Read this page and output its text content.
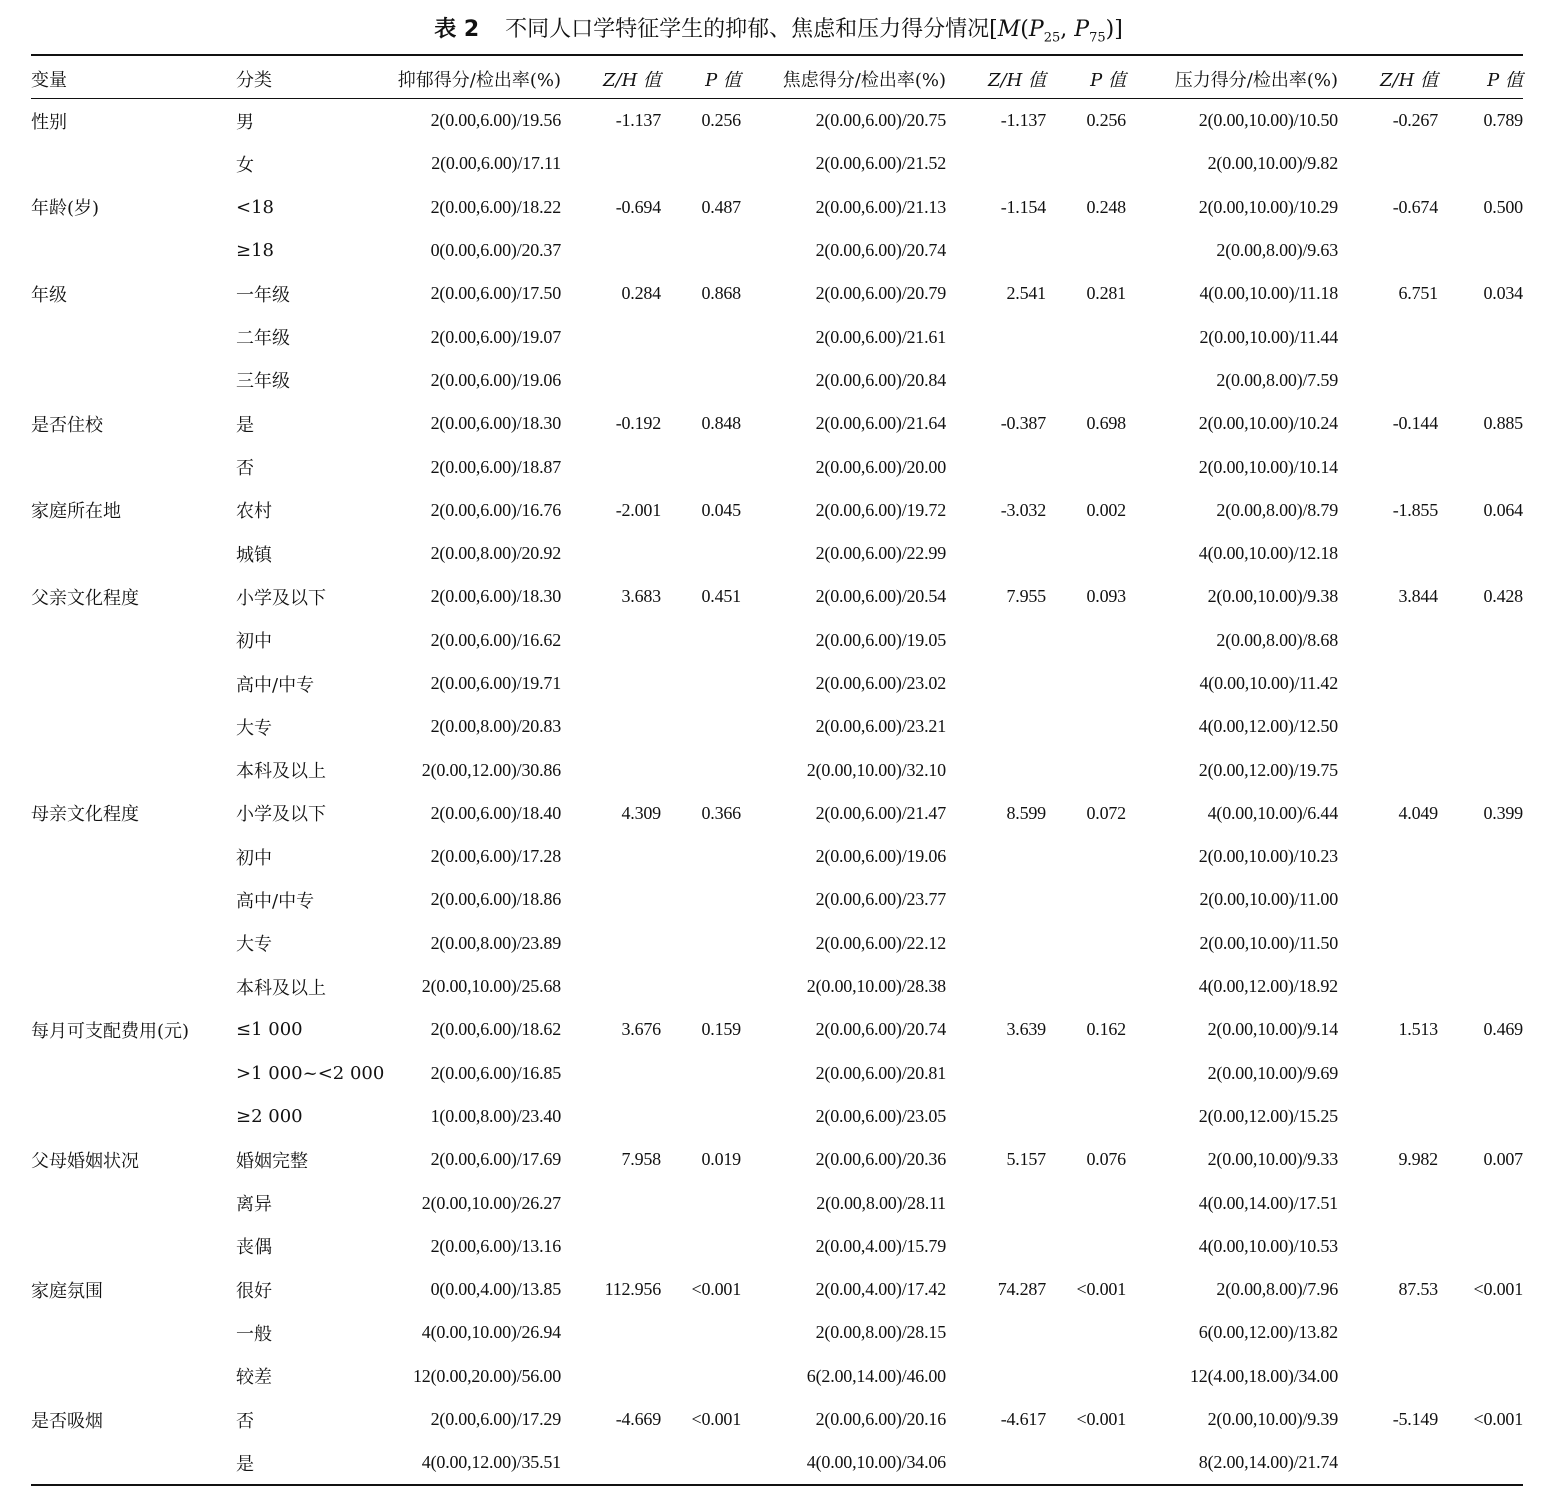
表 2 不同人口学特征学生的抑郁、焦虑和压力得分情况[$M(P_{25}$, $P_{75}$)]
变量	分类	抑郁得分/检出率(%)	Z/H 值	P 值	焦虑得分/检出率(%)	Z/H 值	P 值	压力得分/检出率(%)	Z/H 值	P 值
性别	男	2(0.00,6.00)/19.56	-1.137	0.256	2(0.00,6.00)/20.75	-1.137	0.256	2(0.00,10.00)/10.50	-0.267	0.789
女	2(0.00,6.00)/17.11	2(0.00,6.00)/21.52	2(0.00,10.00)/9.82
年龄(岁)	<18	2(0.00,6.00)/18.22	-0.694	0.487	2(0.00,6.00)/21.13	-1.154	0.248	2(0.00,10.00)/10.29	-0.674	0.500
≥18	0(0.00,6.00)/20.37	2(0.00,6.00)/20.74	2(0.00,8.00)/9.63
年级	一年级	2(0.00,6.00)/17.50	0.284	0.868	2(0.00,6.00)/20.79	2.541	0.281	4(0.00,10.00)/11.18	6.751	0.034
二年级	2(0.00,6.00)/19.07	2(0.00,6.00)/21.61	2(0.00,10.00)/11.44
三年级	2(0.00,6.00)/19.06	2(0.00,6.00)/20.84	2(0.00,8.00)/7.59
是否住校	是	2(0.00,6.00)/18.30	-0.192	0.848	2(0.00,6.00)/21.64	-0.387	0.698	2(0.00,10.00)/10.24	-0.144	0.885
否	2(0.00,6.00)/18.87	2(0.00,6.00)/20.00	2(0.00,10.00)/10.14
家庭所在地	农村	2(0.00,6.00)/16.76	-2.001	0.045	2(0.00,6.00)/19.72	-3.032	0.002	2(0.00,8.00)/8.79	-1.855	0.064
城镇	2(0.00,8.00)/20.92	2(0.00,6.00)/22.99	4(0.00,10.00)/12.18
父亲文化程度	小学及以下	2(0.00,6.00)/18.30	3.683	0.451	2(0.00,6.00)/20.54	7.955	0.093	2(0.00,10.00)/9.38	3.844	0.428
初中	2(0.00,6.00)/16.62	2(0.00,6.00)/19.05	2(0.00,8.00)/8.68
高中/中专	2(0.00,6.00)/19.71	2(0.00,6.00)/23.02	4(0.00,10.00)/11.42
大专	2(0.00,8.00)/20.83	2(0.00,6.00)/23.21	4(0.00,12.00)/12.50
本科及以上	2(0.00,12.00)/30.86	2(0.00,10.00)/32.10	2(0.00,12.00)/19.75
母亲文化程度	小学及以下	2(0.00,6.00)/18.40	4.309	0.366	2(0.00,6.00)/21.47	8.599	0.072	4(0.00,10.00)/6.44	4.049	0.399
初中	2(0.00,6.00)/17.28	2(0.00,6.00)/19.06	2(0.00,10.00)/10.23
高中/中专	2(0.00,6.00)/18.86	2(0.00,6.00)/23.77	2(0.00,10.00)/11.00
大专	2(0.00,8.00)/23.89	2(0.00,6.00)/22.12	2(0.00,10.00)/11.50
本科及以上	2(0.00,10.00)/25.68	2(0.00,10.00)/28.38	4(0.00,12.00)/18.92
每月可支配费用(元)	≤1 000	2(0.00,6.00)/18.62	3.676	0.159	2(0.00,6.00)/20.74	3.639	0.162	2(0.00,10.00)/9.14	1.513	0.469
>1 000~<2 000	2(0.00,6.00)/16.85	2(0.00,6.00)/20.81	2(0.00,10.00)/9.69
≥2 000	1(0.00,8.00)/23.40	2(0.00,6.00)/23.05	2(0.00,12.00)/15.25
父母婚姻状况	婚姻完整	2(0.00,6.00)/17.69	7.958	0.019	2(0.00,6.00)/20.36	5.157	0.076	2(0.00,10.00)/9.33	9.982	0.007
离异	2(0.00,10.00)/26.27	2(0.00,8.00)/28.11	4(0.00,14.00)/17.51
丧偶	2(0.00,6.00)/13.16	2(0.00,4.00)/15.79	4(0.00,10.00)/10.53
家庭氛围	很好	0(0.00,4.00)/13.85	112.956	<0.001	2(0.00,4.00)/17.42	74.287	<0.001	2(0.00,8.00)/7.96	87.53	<0.001
一般	4(0.00,10.00)/26.94	2(0.00,8.00)/28.15	6(0.00,12.00)/13.82
较差	12(0.00,20.00)/56.00	6(2.00,14.00)/46.00	12(4.00,18.00)/34.00
是否吸烟	否	2(0.00,6.00)/17.29	-4.669	<0.001	2(0.00,6.00)/20.16	-4.617	<0.001	2(0.00,10.00)/9.39	-5.149	<0.001
是	4(0.00,12.00)/35.51	4(0.00,10.00)/34.06	8(2.00,14.00)/21.74
